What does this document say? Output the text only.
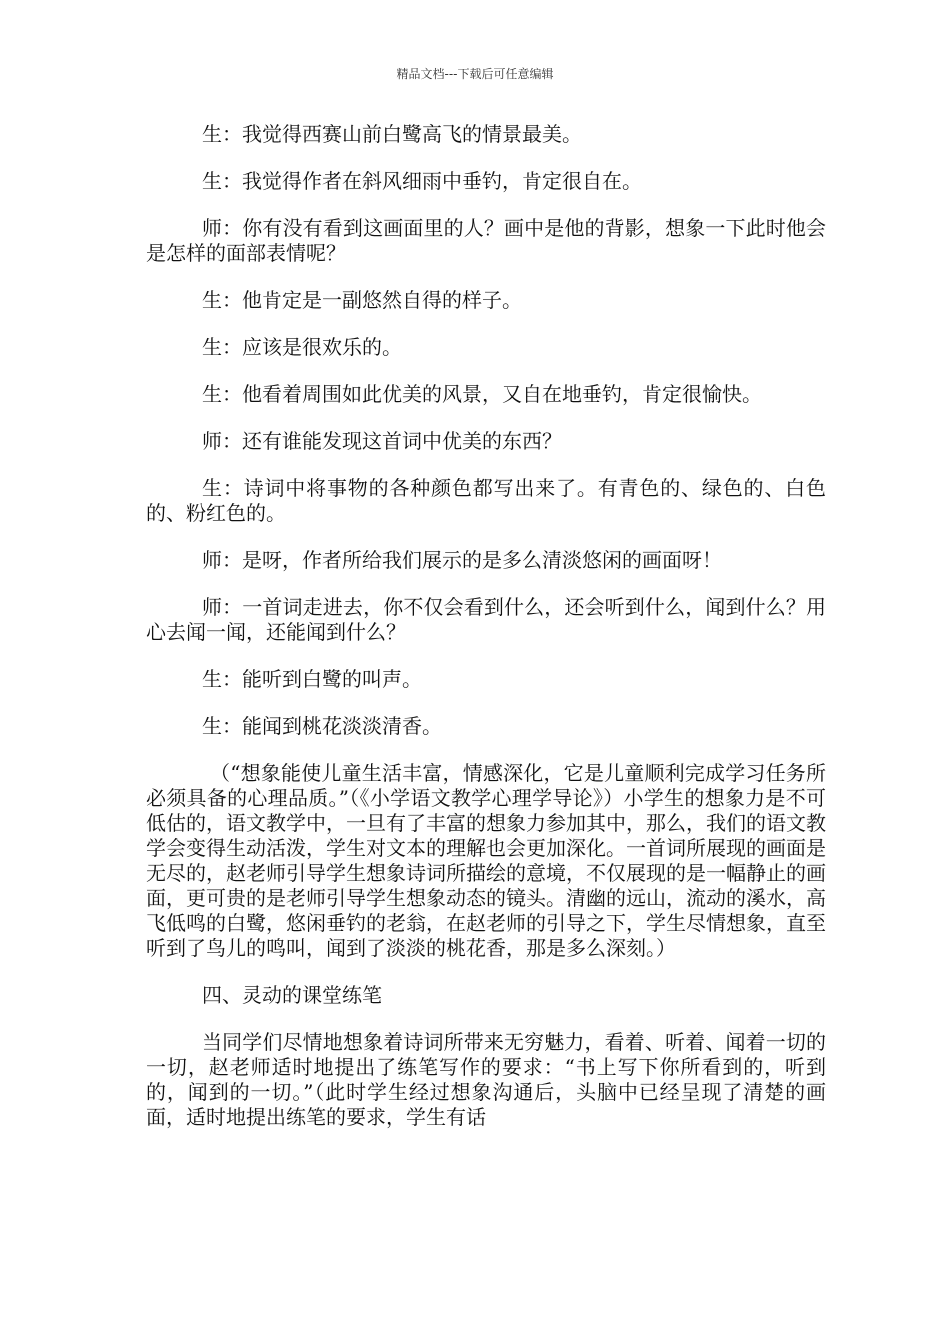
精品文档---下载后可任意编辑

生：我觉得西赛山前白鹭高飞的情景最美。

生：我觉得作者在斜风细雨中垂钓，肯定很自在。

师：你有没有看到这画面里的人？画中是他的背影，想象一下此时他会是怎样的面部表情呢？

生：他肯定是一副悠然自得的样子。

生：应该是很欢乐的。

生：他看着周围如此优美的风景，又自在地垂钓，肯定很愉快。

师：还有谁能发现这首词中优美的东西？

生：诗词中将事物的各种颜色都写出来了。有青色的、绿色的、白色的、粉红色的。

师：是呀，作者所给我们展示的是多么清淡悠闲的画面呀！

师：一首词走进去，你不仅会看到什么，还会听到什么，闻到什么？用心去闻一闻，还能闻到什么？

生：能听到白鹭的叫声。

生：能闻到桃花淡淡清香。

（“想象能使儿童生活丰富，情感深化，它是儿童顺利完成学习任务所必须具备的心理品质。”（《小学语文教学心理学导论》）小学生的想象力是不可低估的，语文教学中，一旦有了丰富的想象力参加其中，那么，我们的语文教学会变得生动活泼，学生对文本的理解也会更加深化。一首词所展现的画面是无尽的，赵老师引导学生想象诗词所描绘的意境，不仅展现的是一幅静止的画面，更可贵的是老师引导学生想象动态的镜头。清幽的远山，流动的溪水，高飞低鸣的白鹭，悠闲垂钓的老翁，在赵老师的引导之下，学生尽情想象，直至听到了鸟儿的鸣叫，闻到了淡淡的桃花香，那是多么深刻。）

四、灵动的课堂练笔

当同学们尽情地想象着诗词所带来无穷魅力，看着、听着、闻着一切的一切，赵老师适时地提出了练笔写作的要求：“书上写下你所看到的，听到的，闻到的一切。”（此时学生经过想象沟通后，头脑中已经呈现了清楚的画面，适时地提出练笔的要求，学生有话
